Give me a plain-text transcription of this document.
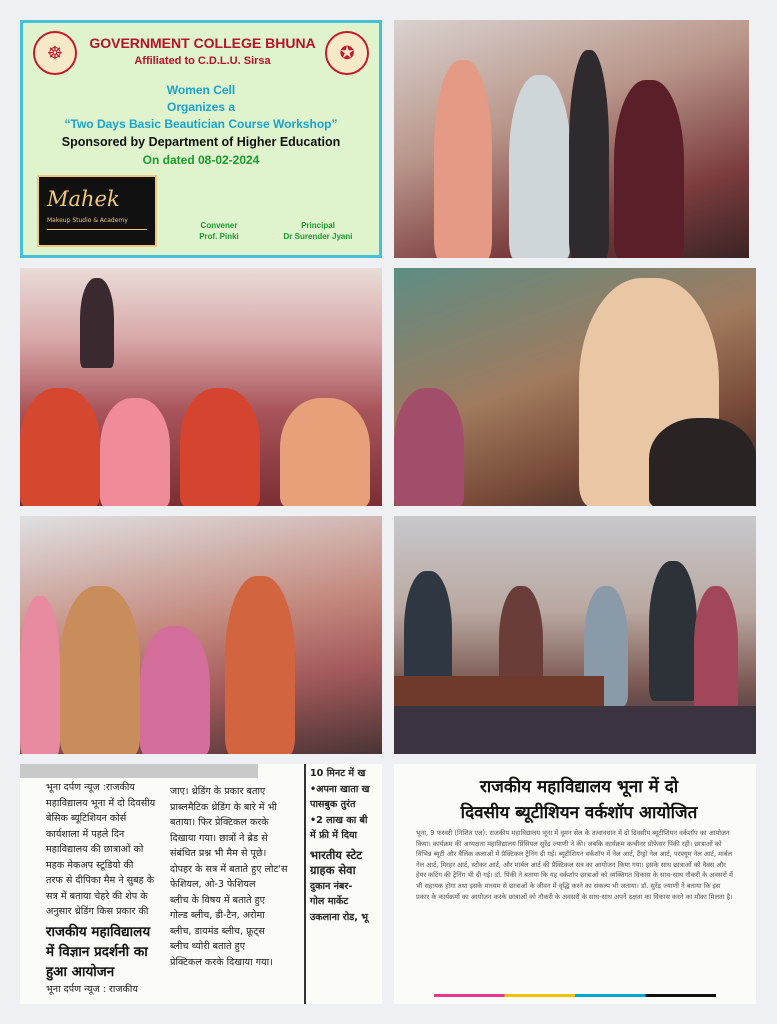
☸	✪
GOVERNMENT COLLEGE BHUNA
Affiliated to C.D.L.U. Sirsa
Women Cell
Organizes a
“Two Days Basic Beautician Course Workshop”
Sponsored by Department of Higher Education
On dated 08-02-2024
Mahek
Makeup Studio & Academy
Convener
Prof. Pinki
Principal
Dr Surender Jyani
भूना दर्पण न्यूज :राजकीय
महाविद्यालय भूना में दो दिवसीय
बेसिक ब्यूटिशियन कोर्स
कार्यशाला में पहले दिन
महाविद्यालय की छात्राओं को
महक मेकअप स्टूडियो की
तरफ से दीपिका मैम ने सुबह के
सत्र में बताया चेहरे की शेप के
अनुसार थ्रेडिंग किस प्रकार की
राजकीय महाविद्यालय
में विज्ञान प्रदर्शनी का
हुआ आयोजन
भूना दर्पण न्यूज : राजकीय
जाए। थ्रेडिंग के प्रकार बताए
प्राब्लमैटिक थ्रेडिंग के बारे में भी
बताया। फिर प्रेक्टिकल करके
दिखाया गया। छात्रों ने ब्रेड से
संबंधित प्रश्न भी मैम से पूछे।
दोपहर के सत्र में बताते हुए लोट'स
फेशियल, ओ-3 फेशियल
ब्लीच के विषय में बताते हुए
गोल्ड ब्लीच, डी-टैन, अरोमा
ब्लीच, डायमंड ब्लीच, फ्रूट्स
ब्लीच थ्योरी बताते हुए
प्रेक्टिकल करके दिखाया गया।
10 मिनट में ख
•अपना खाता ख
पासबुक तुरंत
•2 लाख का बी
में फ्री में दिया
भारतीय स्टेट
ग्राहक सेवा
दुकान नंबर-
गोल मार्केट
उकलाना रोड, भू
राजकीय महाविद्यालय भूना में दो
दिवसीय ब्यूटीशियन वर्कशॉप आयोजित
भूना, 9 फरवरी (निशित एल): राजकीय महाविद्यालय भूना में वूमन सेल के तत्वावधान में दो दिवसीय ब्यूटीशियन वर्कशॉप का आयोजन किया। कार्यक्रम की अध्यक्षता महाविद्यालय प्रिंसिपल सुरेंद्र ज्याणी ने की। जबकि कार्यक्रम कन्वीनर प्रोफेसर पिंकी रही। छात्राओं को विभिन्न ब्यूटी और वैलिंक कलाओं में प्रैक्टिकल ट्रेनिंग दी गई। ब्यूटीशियन वर्कशॉप में नेल आर्ट, टैंग्ड्रो नेल आर्ट, परफ्यूम नेल आर्ट, मार्बल नेल आर्ट, मिरहर आर्ट, स्टोकर आर्ट, और मार्बल आर्ट की प्रैक्टिकल सत्र का आयोजन किया गया। इसके साथ छात्राओं को वैक्स और हेयर कटिंग की ट्रेनिंग भी दी गई। डॉ. पिंकी ने बताया कि यह वर्कशॉप छात्राओं को व्यक्तिगत विकास के साथ-साथ नौकरी के अवसरों में भी सहायक होगा तथा इसके माध्यम से छात्राओं के जीवन में वृद्धि करने का संकल्प भी जताया। डॉ. सुरेंद्र ज्याणी ने बताया कि इस प्रकार के कार्यक्रमों का आयोजन करके छात्राओं को नौकरी के अवसरों के साथ-साथ अपने दक्षता का विकास करने का मौका मिलता है।
